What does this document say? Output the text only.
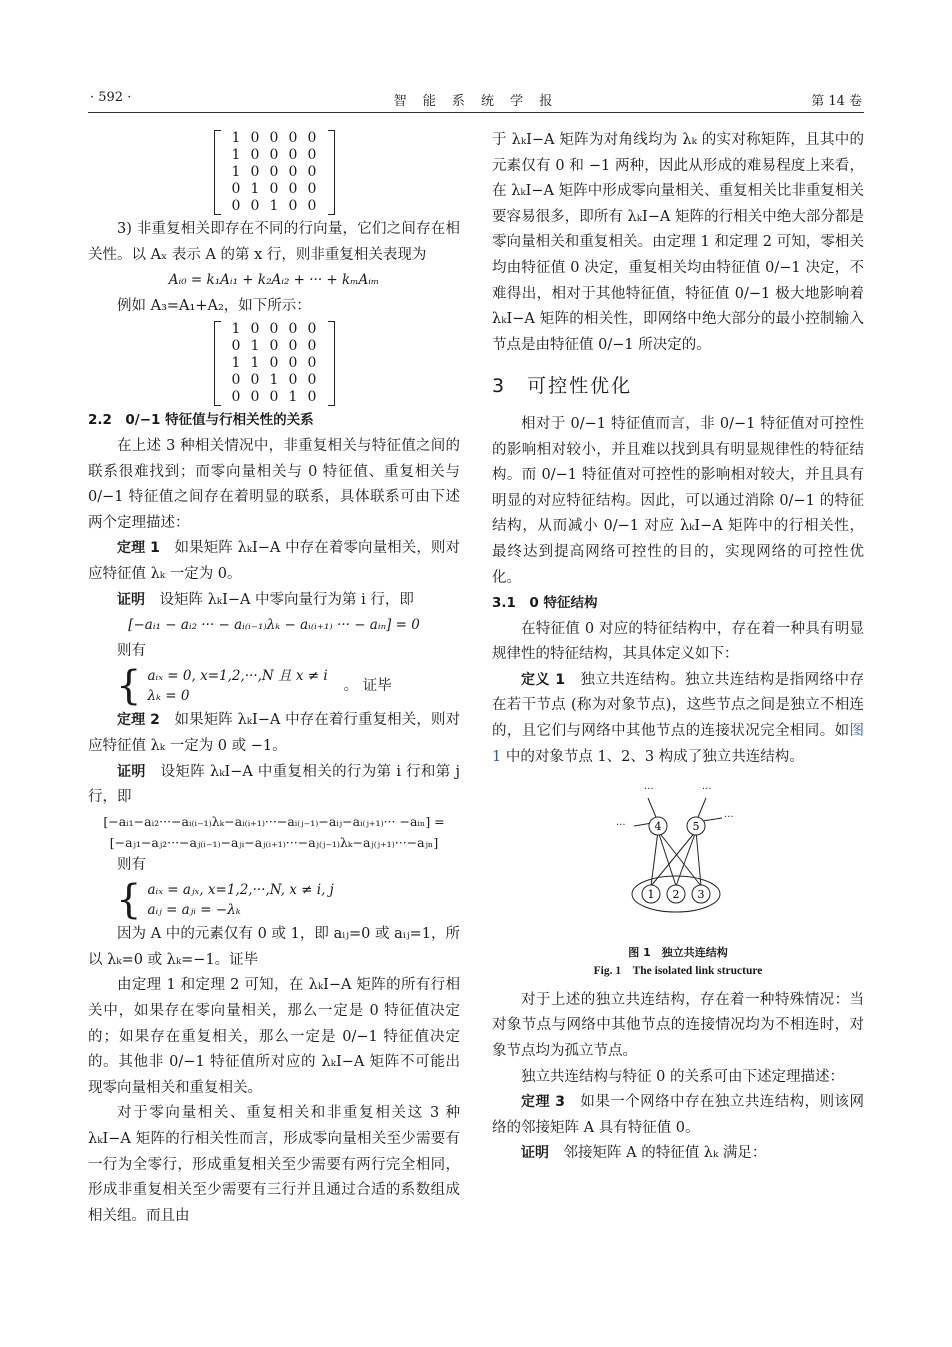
· 592 ·	智 能 系 统 学 报	第 14 卷
1	0	0	0	0
1	0	0	0	0
1	0	0	0	0
0	1	0	0	0
0	0	1	0	0

3) 非重复相关即存在不同的行向量，它们之间存在相关性。以 Aₓ 表示 A 的第 x 行，则非重复相关表现为

Aᵢ₀ = k₁Aᵢ₁ + k₂Aᵢ₂ + ··· + kₘAᵢₘ

例如 A₃=A₁+A₂，如下所示：

1	0	0	0	0
0	1	0	0	0
1	1	0	0	0
0	0	1	0	0
0	0	0	1	0

2.2　0/−1 特征值与行相关性的关系

在上述 3 种相关情况中，非重复相关与特征值之间的联系很难找到；而零向量相关与 0 特征值、重复相关与 0/−1 特征值之间存在着明显的联系，具体联系可由下述两个定理描述：

定理 1　如果矩阵 λₖI−A 中存在着零向量相关，则对应特征值 λₖ 一定为 0。

证明　设矩阵 λₖI−A 中零向量行为第 i 行，即

[−aᵢ₁ − aᵢ₂ ··· − aᵢ₍ᵢ₋₁₎λₖ − aᵢ₍ᵢ₊₁₎ ··· − aᵢₙ] = 0

则有

{ aᵢₓ = 0, x=1,2,···,N 且 x ≠ i
λₖ = 0
。 证毕

定理 2　如果矩阵 λₖI−A 中存在着行重复相关，则对应特征值 λₖ 一定为 0 或 −1。

证明　设矩阵 λₖI−A 中重复相关的行为第 i 行和第 j 行，即

[−aᵢ₁−aᵢ₂···−aᵢ₍ᵢ₋₁₎λₖ−aᵢ₍ᵢ₊₁₎···−aᵢ₍ⱼ₋₁₎−aᵢⱼ−aᵢ₍ⱼ₊₁₎··· −aᵢₙ] =

[−aⱼ₁−aⱼ₂···−aⱼ₍ᵢ₋₁₎−aⱼᵢ−aⱼ₍ᵢ₊₁₎···−aⱼ₍ⱼ₋₁₎λₖ−aⱼ₍ⱼ₊₁₎···−aⱼₙ]

则有

{ aᵢₓ = aⱼₓ, x=1,2,···,N, x ≠ i, j
aᵢⱼ = aⱼᵢ = −λₖ

因为 A 中的元素仅有 0 或 1，即 aᵢⱼ=0 或 aᵢⱼ=1，所以 λₖ=0 或 λₖ=−1。证毕

由定理 1 和定理 2 可知，在 λₖI−A 矩阵的所有行相关中，如果存在零向量相关，那么一定是 0 特征值决定的；如果存在重复相关，那么一定是 0/−1 特征值决定的。其他非 0/−1 特征值所对应的 λₖI−A 矩阵不可能出现零向量相关和重复相关。

对于零向量相关、重复相关和非重复相关这 3 种 λₖI−A 矩阵的行相关性而言，形成零向量相关至少需要有一行为全零行，形成重复相关至少需要有两行完全相同，形成非重复相关至少需要有三行并且通过合适的系数组成相关组。而且由

于 λₖI−A 矩阵为对角线均为 λₖ 的实对称矩阵，且其中的元素仅有 0 和 −1 两种，因此从形成的难易程度上来看，在 λₖI−A 矩阵中形成零向量相关、重复相关比非重复相关要容易很多，即所有 λₖI−A 矩阵的行相关中绝大部分都是零向量相关和重复相关。由定理 1 和定理 2 可知，零相关均由特征值 0 决定，重复相关均由特征值 0/−1 决定，不难得出，相对于其他特征值，特征值 0/−1 极大地影响着 λₖI−A 矩阵的相关性，即网络中绝大部分的最小控制输入节点是由特征值 0/−1 所决定的。

3　可控性优化

相对于 0/−1 特征值而言，非 0/−1 特征值对可控性的影响相对较小，并且难以找到具有明显规律性的特征结构。而 0/−1 特征值对可控性的影响相对较大，并且具有明显的对应特征结构。因此，可以通过消除 0/−1 的特征结构，从而减小 0/−1 对应 λₖI−A 矩阵中的行相关性，最终达到提高网络可控性的目的，实现网络的可控性优化。

3.1　0 特征结构

在特征值 0 对应的特征结构中，存在着一种具有明显规律性的特征结构，其具体定义如下：

定义 1　独立共连结构。独立共连结构是指网络中存在若干节点 (称为对象节点)，这些节点之间是独立不相连的，且它们与网络中其他节点的连接状况完全相同。如图 1 中的对象节点 1、2、3 构成了独立共连结构。

1 2 3
4	5
···	···
···
···

图 1　独立共连结构

Fig. 1　The isolated link structure

对于上述的独立共连结构，存在着一种特殊情况：当对象节点与网络中其他节点的连接情况均为不相连时，对象节点均为孤立节点。

独立共连结构与特征 0 的关系可由下述定理描述：

定理 3　如果一个网络中存在独立共连结构，则该网络的邻接矩阵 A 具有特征值 0。

证明　邻接矩阵 A 的特征值 λₖ 满足：
